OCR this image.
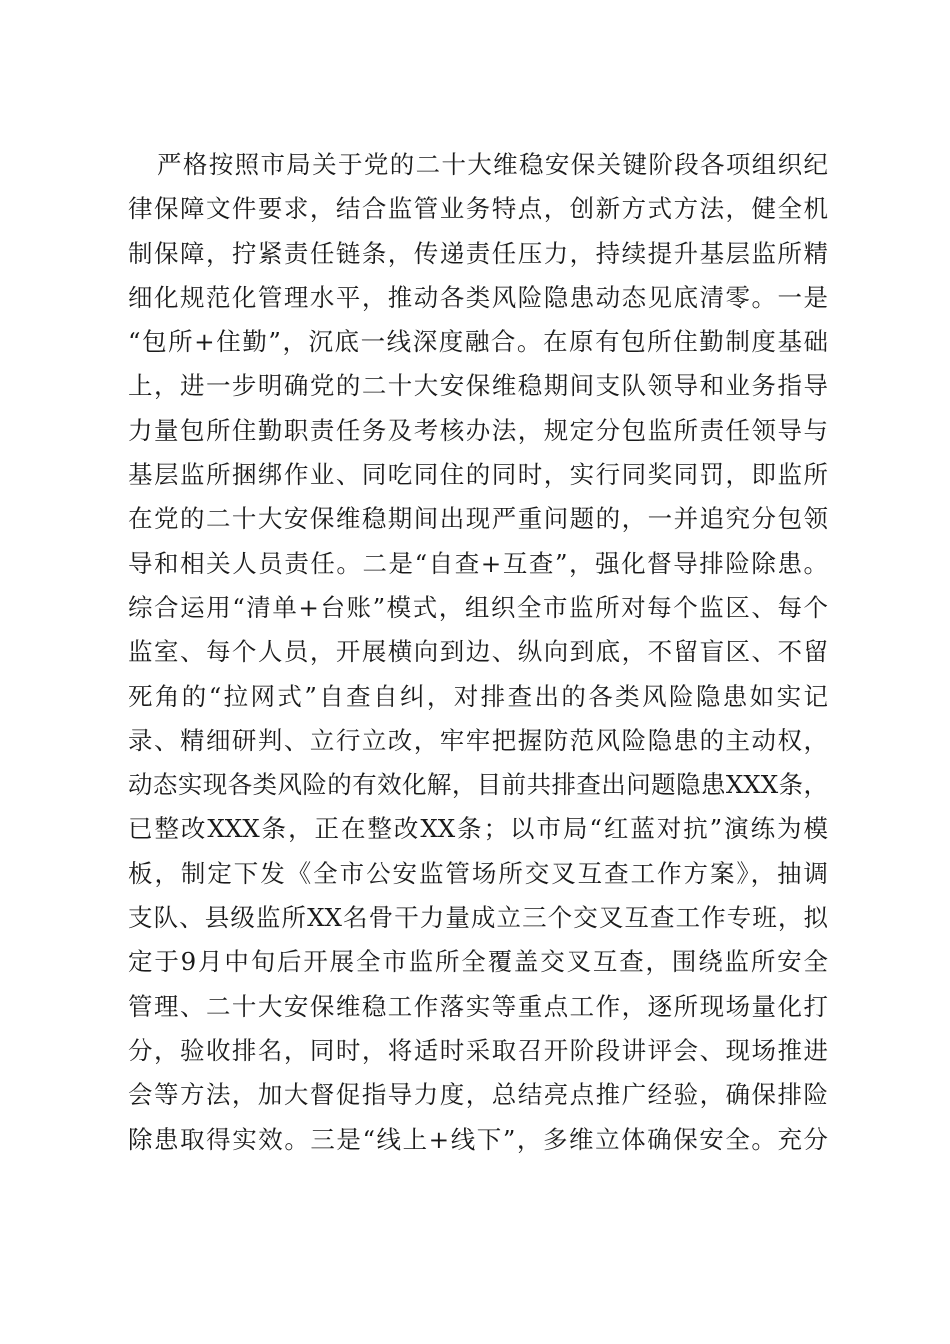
严格按照市局关于党的二十大维稳安保关键阶段各项组织纪
律保障文件要求，结合监管业务特点，创新方式方法，健全机
制保障，拧紧责任链条，传递责任压力，持续提升基层监所精
细化规范化管理水平，推动各类风险隐患动态见底清零。一是
“包所+住勤”，沉底一线深度融合。在原有包所住勤制度基础
上，进一步明确党的二十大安保维稳期间支队领导和业务指导
力量包所住勤职责任务及考核办法，规定分包监所责任领导与
基层监所捆绑作业、同吃同住的同时，实行同奖同罚，即监所
在党的二十大安保维稳期间出现严重问题的，一并追究分包领
导和相关人员责任。二是“自查+互查”，强化督导排险除患。
综合运用“清单+台账”模式，组织全市监所对每个监区、每个
监室、每个人员，开展横向到边、纵向到底，不留盲区、不留
死角的“拉网式”自查自纠，对排查出的各类风险隐患如实记
录、精细研判、立行立改，牢牢把握防范风险隐患的主动权，
动态实现各类风险的有效化解，目前共排查出问题隐患XXX条，
已整改XXX条，正在整改XX条；以市局“红蓝对抗”演练为模
板，制定下发《全市公安监管场所交叉互查工作方案》，抽调
支队、县级监所XX名骨干力量成立三个交叉互查工作专班，拟
定于9月中旬后开展全市监所全覆盖交叉互查，围绕监所安全
管理、二十大安保维稳工作落实等重点工作，逐所现场量化打
分，验收排名，同时，将适时采取召开阶段讲评会、现场推进
会等方法，加大督促指导力度，总结亮点推广经验，确保排险
除患取得实效。三是“线上+线下”，多维立体确保安全。充分
